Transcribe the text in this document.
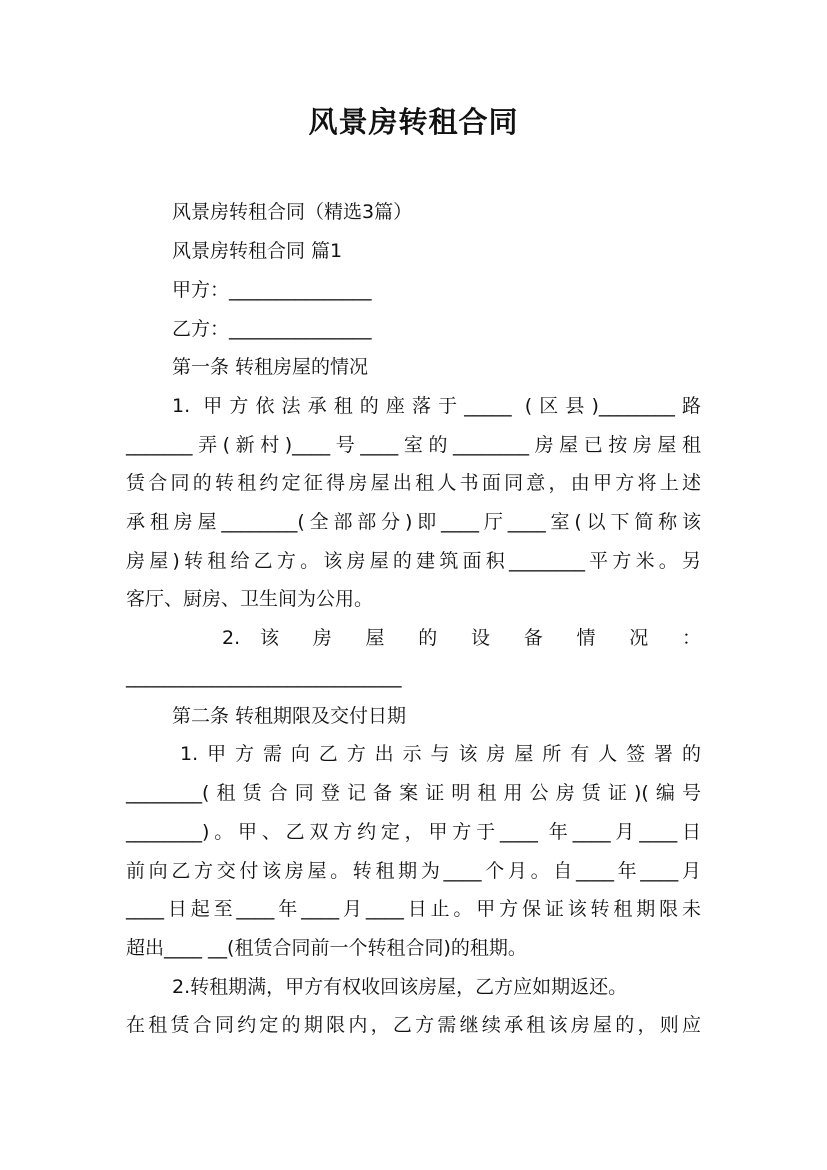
风景房转租合同
风景房转租合同（精选3篇）
风景房转租合同 篇1
甲方：_______________
乙方：_______________
第一条 转租房屋的情况
1. 甲方依法承租的座落于_____ (区县)________路
_______弄(新村)____号____室的________房屋已按房屋租
赁合同的转租约定征得房屋出租人书面同意，由甲方将上述
承租房屋________(全部部分)即____厅____室(以下简称该
房屋)转租给乙方。该房屋的建筑面积________平方米。另
客厅、厨房、卫生间为公用。
2. 该 房 屋 的 设 备 情 况 ：
_____________________________
第二条 转租期限及交付日期
1.甲方需向乙方出示与该房屋所有人签署的
________(租赁合同登记备案证明租用公房赁证)(编号
________)。甲、乙双方约定，甲方于____ 年____月____日
前向乙方交付该房屋。转租期为____个月。自____年____月
____日起至____年____月____日止。甲方保证该转租期限未
超出____ __(租赁合同前一个转租合同)的租期。
2.转租期满，甲方有权收回该房屋，乙方应如期返还。
在租赁合同约定的期限内，乙方需继续承租该房屋的，则应
